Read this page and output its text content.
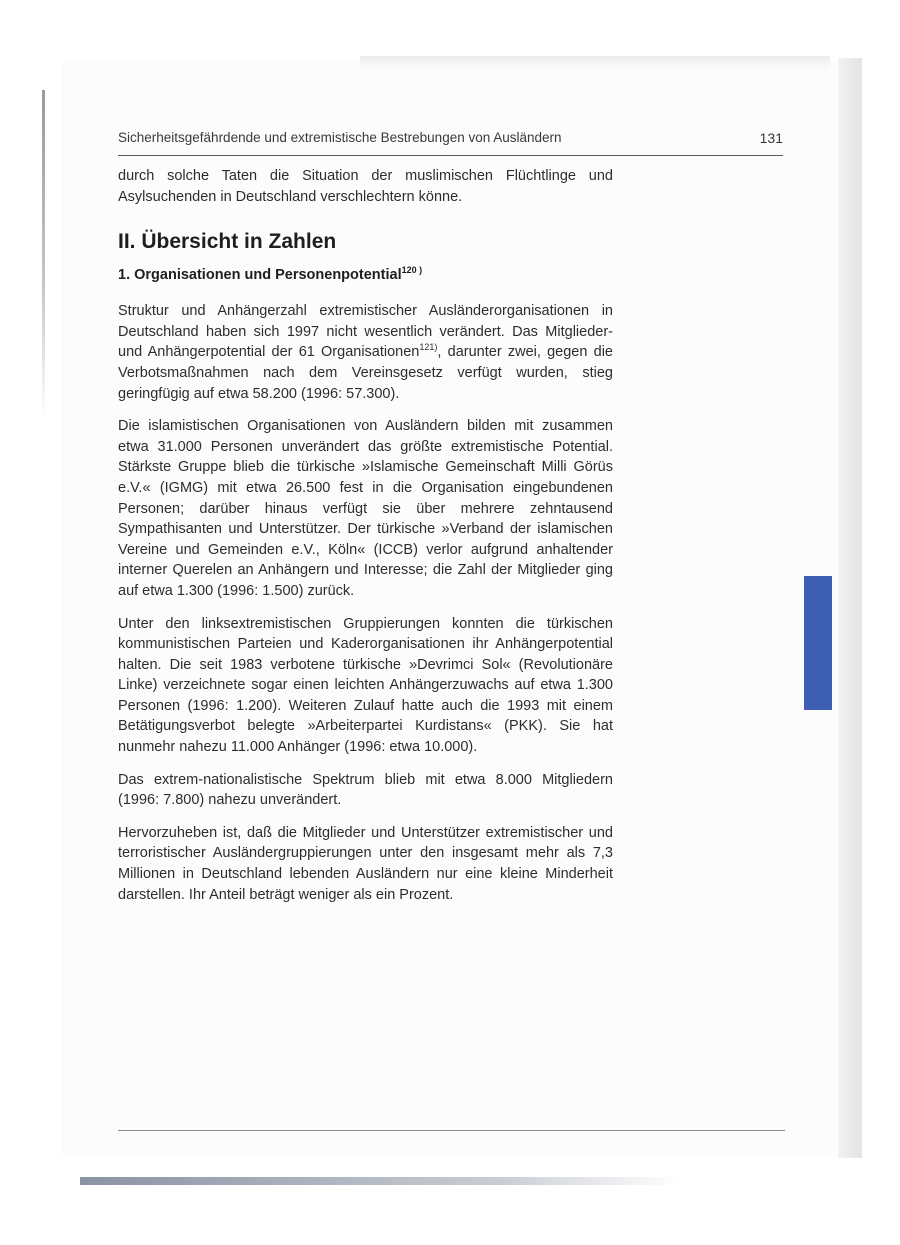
Sicherheitsgefährdende und extremistische Bestrebungen von Ausländern	131

durch solche Taten die Situation der muslimischen Flüchtlinge und Asylsuchenden in Deutschland verschlechtern könne.

II. Übersicht in Zahlen
1. Organisationen und Personenpotential$^{120 )}$

Struktur und Anhängerzahl extremistischer Ausländerorganisationen in Deutschland haben sich 1997 nicht wesentlich verändert. Das Mitglieder- und Anhängerpotential der 61 Organisationen$^{121)}$, darunter zwei, gegen die Verbotsmaßnahmen nach dem Vereinsgesetz verfügt wurden, stieg geringfügig auf etwa 58.200 (1996: 57.300).

Die islamistischen Organisationen von Ausländern bilden mit zusammen etwa 31.000 Personen unverändert das größte extremistische Potential. Stärkste Gruppe blieb die türkische »Islamische Gemeinschaft Milli Görüs e.V.« (IGMG) mit etwa 26.500 fest in die Organisation eingebundenen Personen; darüber hinaus verfügt sie über mehrere zehntausend Sympathisanten und Unterstützer. Der türkische »Verband der islamischen Vereine und Gemeinden e.V., Köln« (ICCB) verlor aufgrund anhaltender interner Querelen an Anhängern und Interesse; die Zahl der Mitglieder ging auf etwa 1.300 (1996: 1.500) zurück.

Unter den linksextremistischen Gruppierungen konnten die türkischen kommunistischen Parteien und Kaderorganisationen ihr Anhängerpotential halten. Die seit 1983 verbotene türkische »Devrimci Sol« (Revolutionäre Linke) verzeichnete sogar einen leichten Anhängerzuwachs auf etwa 1.300 Personen (1996: 1.200). Weiteren Zulauf hatte auch die 1993 mit einem Betätigungsverbot belegte »Arbeiterpartei Kurdistans« (PKK). Sie hat nunmehr nahezu 11.000 Anhänger (1996: etwa 10.000).

Das extrem-nationalistische Spektrum blieb mit etwa 8.000 Mitgliedern (1996: 7.800) nahezu unverändert.

Hervorzuheben ist, daß die Mitglieder und Unterstützer extremistischer und terroristischer Ausländergruppierungen unter den insgesamt mehr als 7,3 Millionen in Deutschland lebenden Ausländern nur eine kleine Minderheit darstellen. Ihr Anteil beträgt weniger als ein Prozent.
